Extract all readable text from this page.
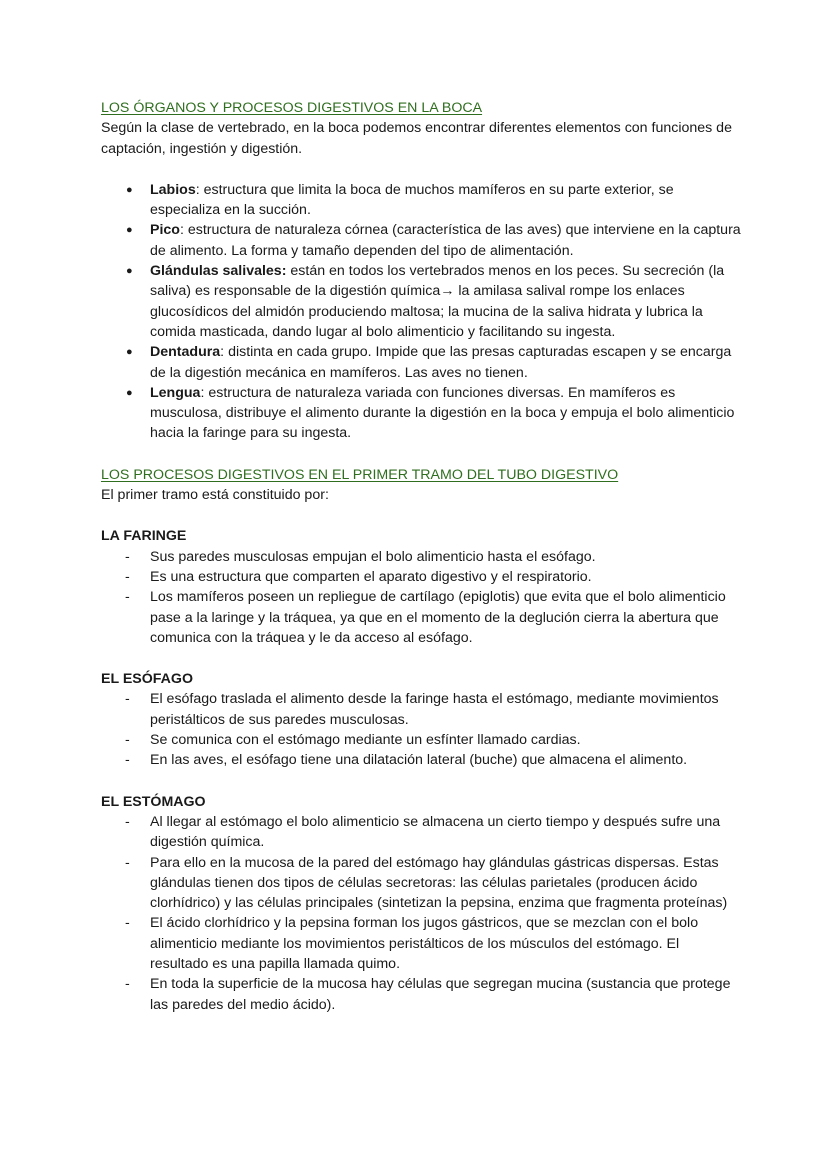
LOS ÓRGANOS Y PROCESOS DIGESTIVOS EN LA BOCA

Según la clase de vertebrado, en la boca podemos encontrar diferentes elementos con funciones de captación, ingestión y digestión.

● Labios: estructura que limita la boca de muchos mamíferos en su parte exterior, se especializa en la succión.
● Pico: estructura de naturaleza córnea (característica de las aves) que interviene en la captura de alimento. La forma y tamaño dependen del tipo de alimentación.
● Glándulas salivales: están en todos los vertebrados menos en los peces. Su secreción (la saliva) es responsable de la digestión química→ la amilasa salival rompe los enlaces glucosídicos del almidón produciendo maltosa; la mucina de la saliva hidrata y lubrica la comida masticada, dando lugar al bolo alimenticio y facilitando su ingesta.
● Dentadura: distinta en cada grupo. Impide que las presas capturadas escapen y se encarga de la digestión mecánica en mamíferos. Las aves no tienen.
● Lengua: estructura de naturaleza variada con funciones diversas. En mamíferos es musculosa, distribuye el alimento durante la digestión en la boca y empuja el bolo alimenticio hacia la faringe para su ingesta.
LOS PROCESOS DIGESTIVOS EN EL PRIMER TRAMO DEL TUBO DIGESTIVO

El primer tramo está constituido por:

LA FARINGE
- Sus paredes musculosas empujan el bolo alimenticio hasta el esófago.
- Es una estructura que comparten el aparato digestivo y el respiratorio.
- Los mamíferos poseen un repliegue de cartílago (epiglotis) que evita que el bolo alimenticio pase a la laringe y la tráquea, ya que en el momento de la deglución cierra la abertura que comunica con la tráquea y le da acceso al esófago.
EL ESÓFAGO
- El esófago traslada el alimento desde la faringe hasta el estómago, mediante movimientos peristálticos de sus paredes musculosas.
- Se comunica con el estómago mediante un esfínter llamado cardias.
- En las aves, el esófago tiene una dilatación lateral (buche) que almacena el alimento.
EL ESTÓMAGO
- Al llegar al estómago el bolo alimenticio se almacena un cierto tiempo y después sufre una digestión química.
- Para ello en la mucosa de la pared del estómago hay glándulas gástricas dispersas. Estas glándulas tienen dos tipos de células secretoras: las células parietales (producen ácido clorhídrico) y las células principales (sintetizan la pepsina, enzima que fragmenta proteínas)
- El ácido clorhídrico y la pepsina forman los jugos gástricos, que se mezclan con el bolo alimenticio mediante los movimientos peristálticos de los músculos del estómago. El resultado es una papilla llamada quimo.
- En toda la superficie de la mucosa hay células que segregan mucina (sustancia que protege las paredes del medio ácido).
